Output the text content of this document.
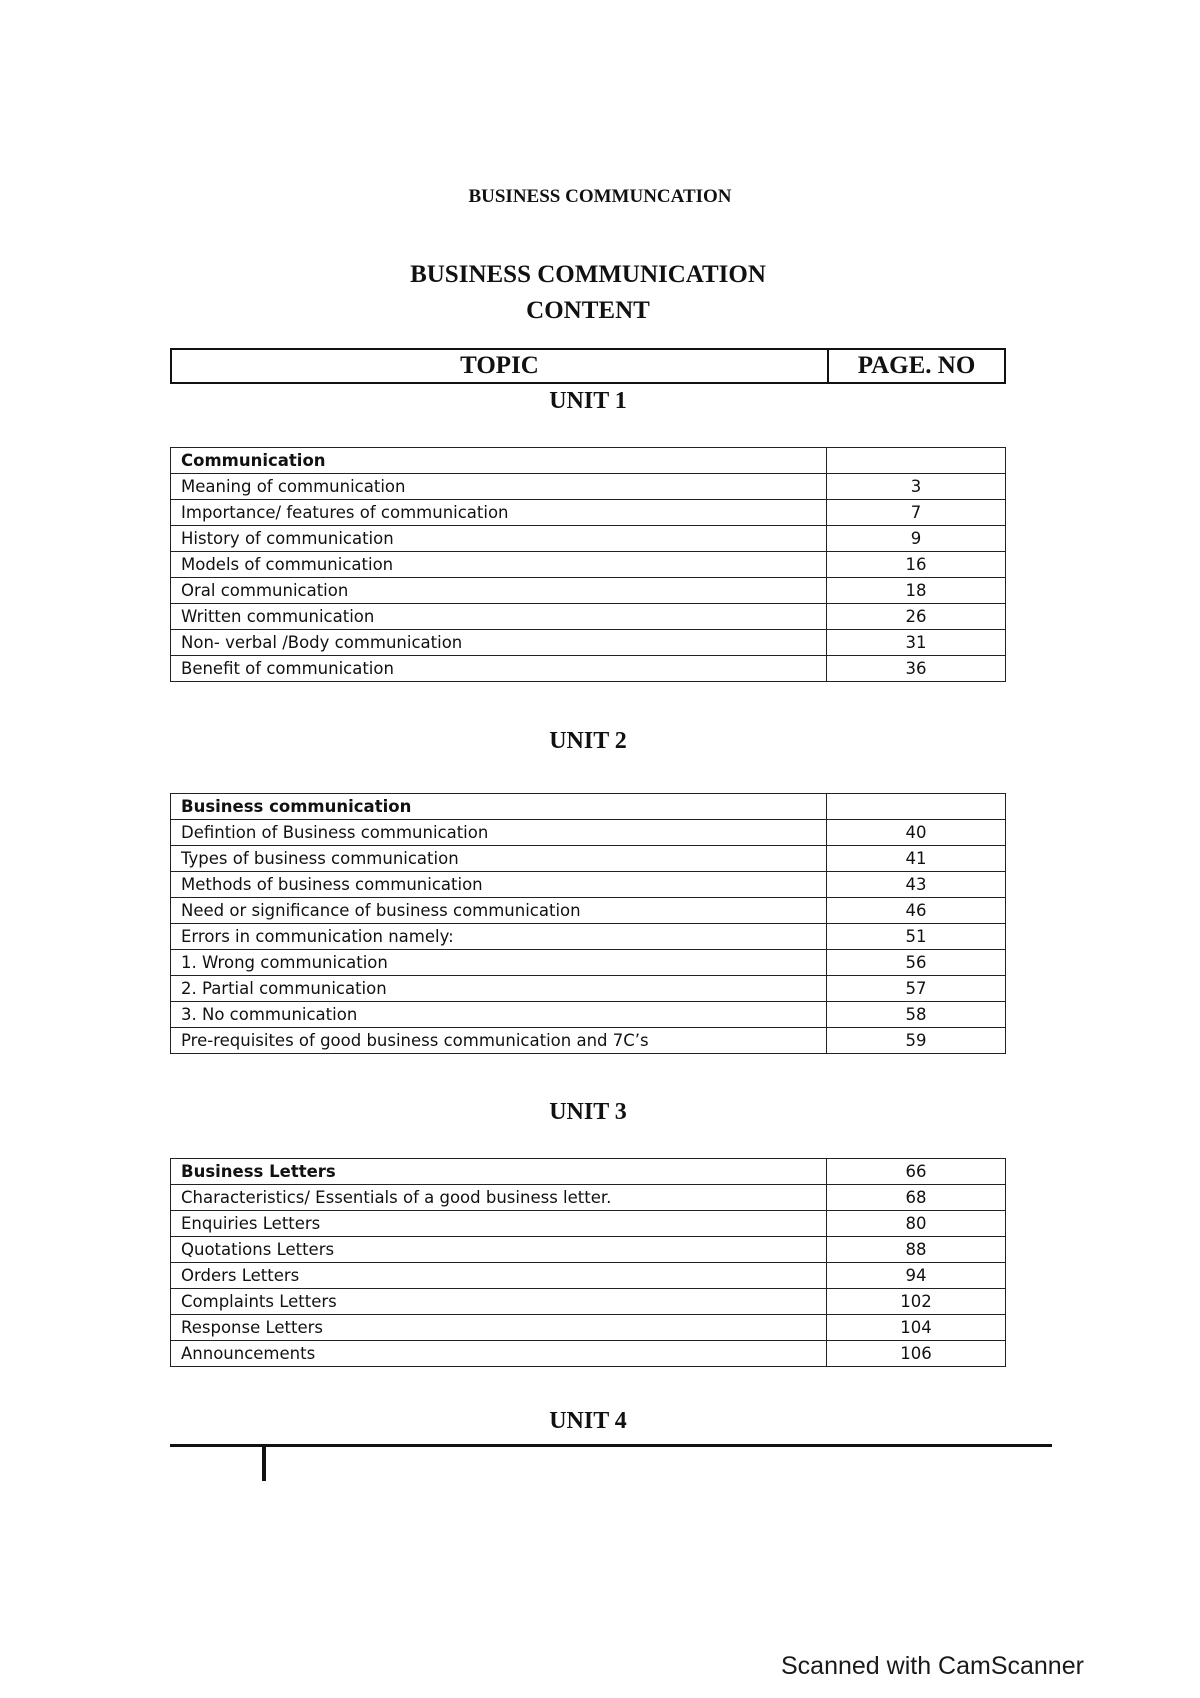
BUSINESS COMMUNCATION
BUSINESS COMMUNICATION
CONTENT
TOPIC	PAGE. NO
UNIT 1
Communication	
Meaning of communication	3
Importance/ features of communication	7
History of communication	9
Models of communication	16
Oral communication	18
Written communication	26
Non- verbal /Body communication	31
Benefit of communication	36
UNIT 2
Business communication	
Defintion of Business communication	40
Types of business communication	41
Methods of business communication	43
Need or significance of business communication	46
Errors in communication namely:	51
1. Wrong communication	56
2. Partial communication	57
3. No communication	58
Pre-requisites of good business communication and 7C’s	59
UNIT 3
Business Letters	66
Characteristics/ Essentials of a good business letter.	68
Enquiries Letters	80
Quotations Letters	88
Orders Letters	94
Complaints Letters	102
Response Letters	104
Announcements	106
UNIT 4
Scanned with CamScanner
